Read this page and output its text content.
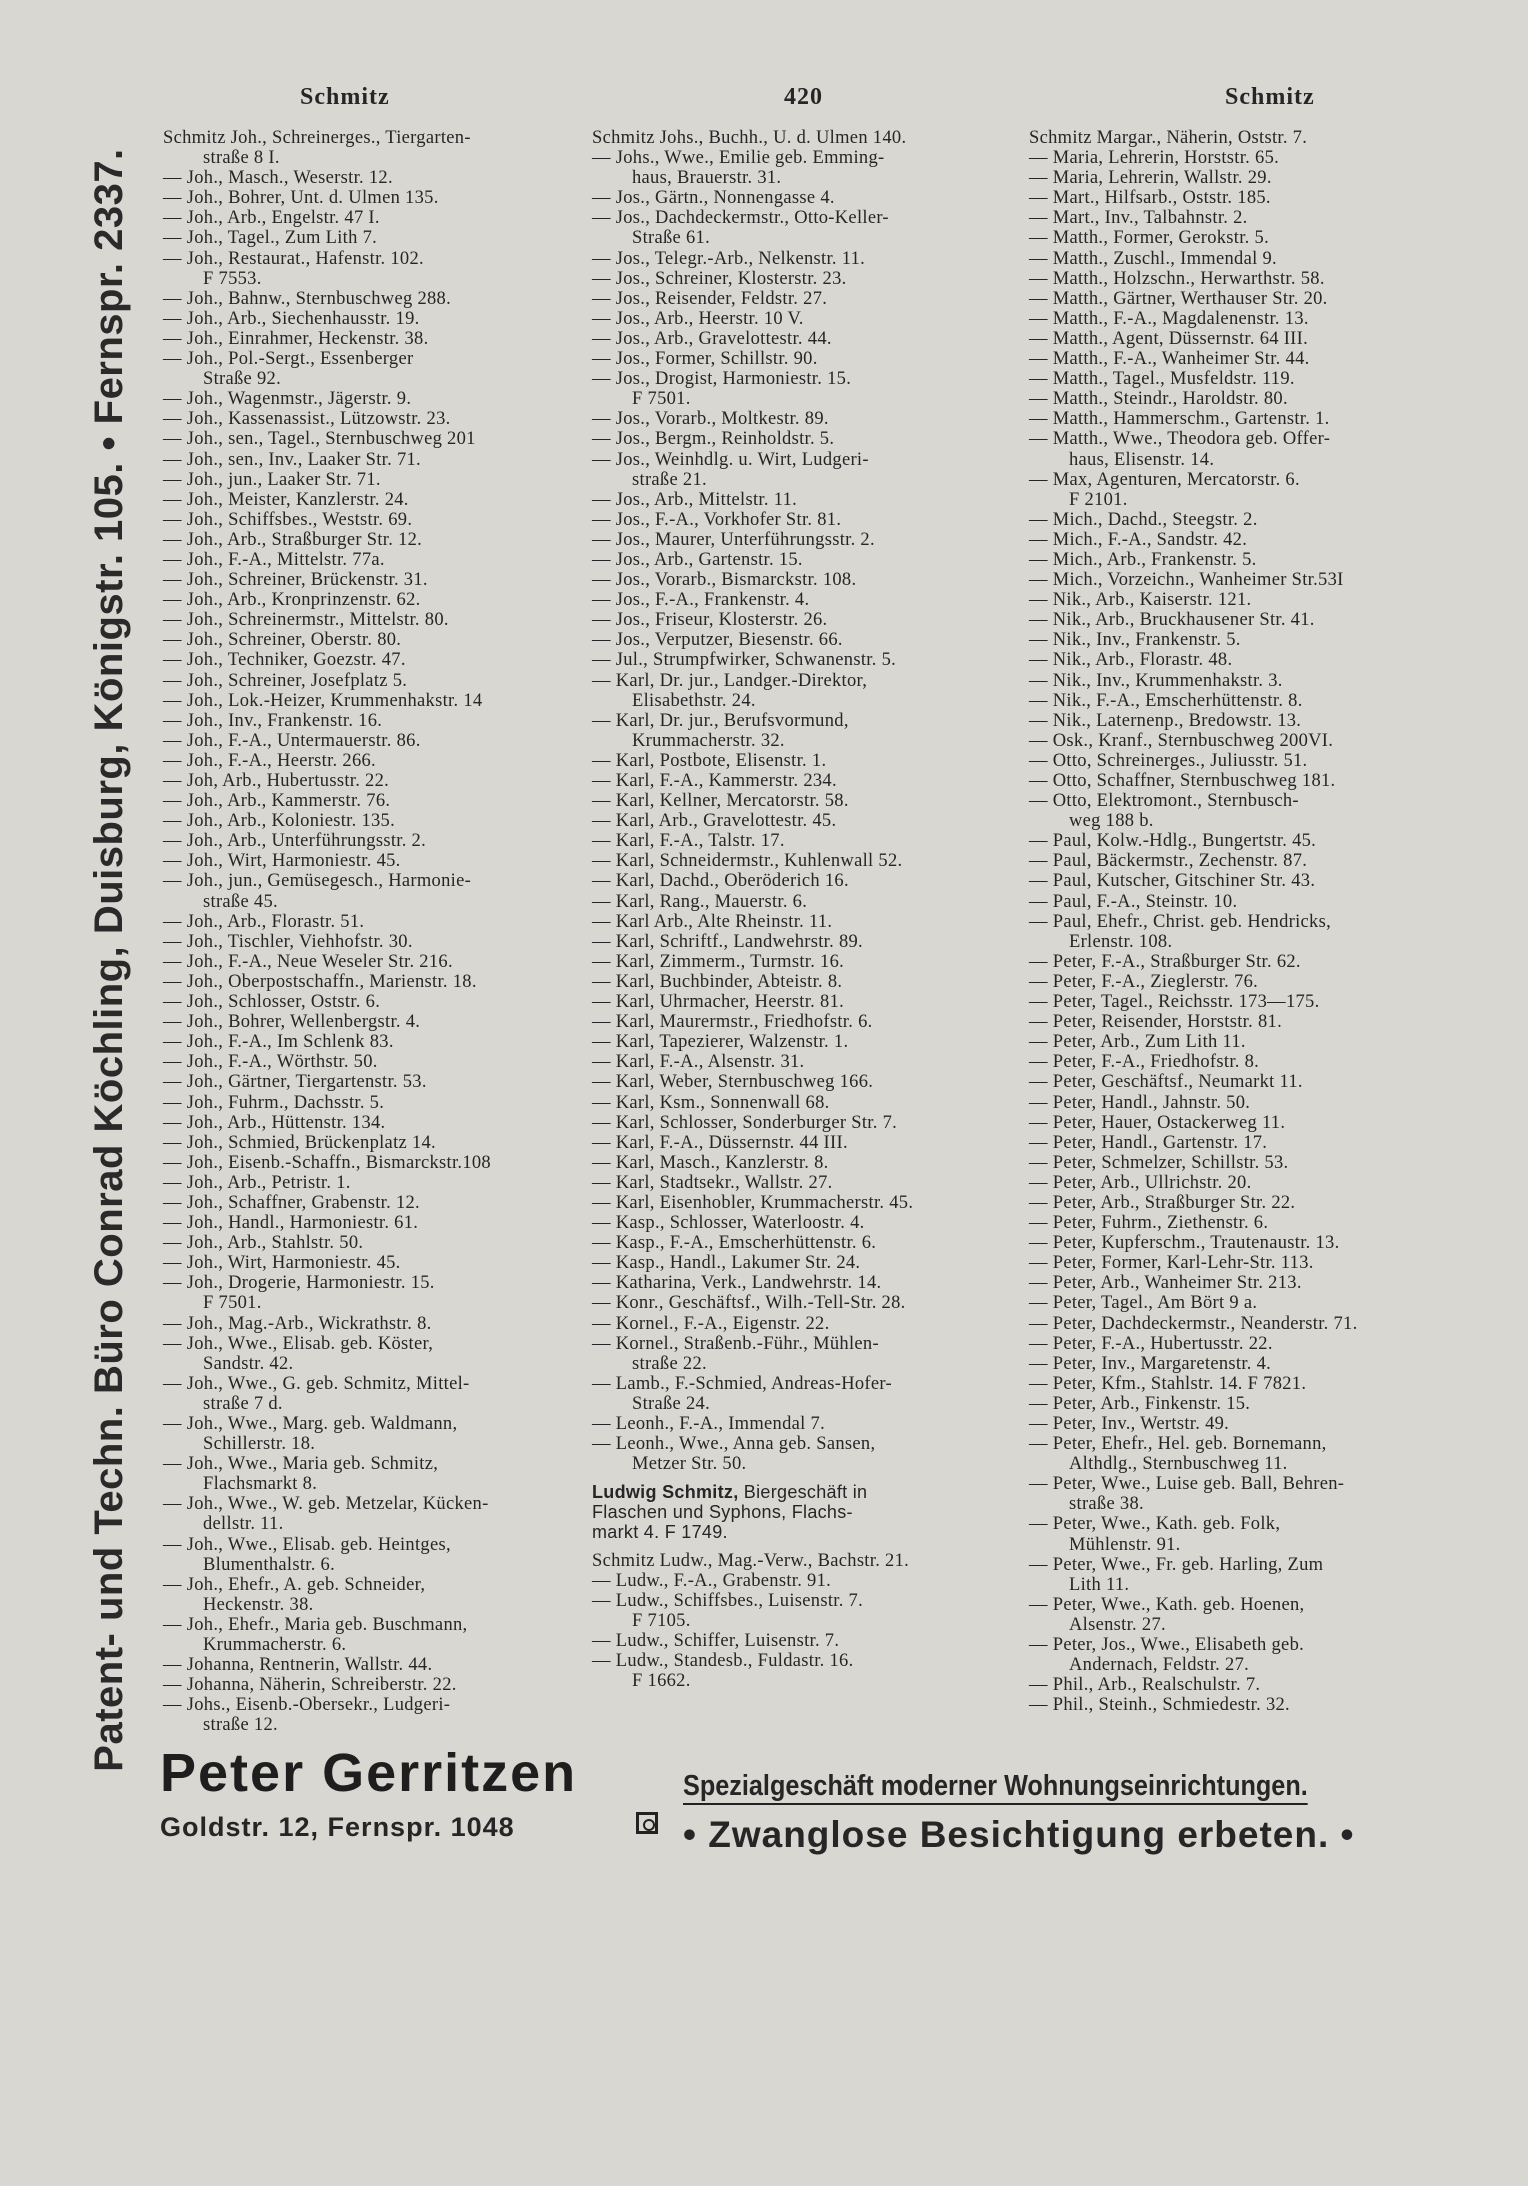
Schmitz	420	Schmitz
Patent- und Techn. Büro Conrad Köchling, Duisburg, Königstr. 105. • Fernspr. 2337.
Schmitz Joh., Schreinerges., Tiergarten-
straße 8 I.
— Joh., Masch., Weserstr. 12.
— Joh., Bohrer, Unt. d. Ulmen 135.
— Joh., Arb., Engelstr. 47 I.
— Joh., Tagel., Zum Lith 7.
— Joh., Restaurat., Hafenstr. 102.
F 7553.
— Joh., Bahnw., Sternbuschweg 288.
— Joh., Arb., Siechenhausstr. 19.
— Joh., Einrahmer, Heckenstr. 38.
— Joh., Pol.-Sergt., Essenberger
Straße 92.
— Joh., Wagenmstr., Jägerstr. 9.
— Joh., Kassenassist., Lützowstr. 23.
— Joh., sen., Tagel., Sternbuschweg 201
— Joh., sen., Inv., Laaker Str. 71.
— Joh., jun., Laaker Str. 71.
— Joh., Meister, Kanzlerstr. 24.
— Joh., Schiffsbes., Weststr. 69.
— Joh., Arb., Straßburger Str. 12.
— Joh., F.-A., Mittelstr. 77a.
— Joh., Schreiner, Brückenstr. 31.
— Joh., Arb., Kronprinzenstr. 62.
— Joh., Schreinermstr., Mittelstr. 80.
— Joh., Schreiner, Oberstr. 80.
— Joh., Techniker, Goezstr. 47.
— Joh., Schreiner, Josefplatz 5.
— Joh., Lok.-Heizer, Krummenhakstr. 14
— Joh., Inv., Frankenstr. 16.
— Joh., F.-A., Untermauerstr. 86.
— Joh., F.-A., Heerstr. 266.
— Joh, Arb., Hubertusstr. 22.
— Joh., Arb., Kammerstr. 76.
— Joh., Arb., Koloniestr. 135.
— Joh., Arb., Unterführungsstr. 2.
— Joh., Wirt, Harmoniestr. 45.
— Joh., jun., Gemüsegesch., Harmonie-
straße 45.
— Joh., Arb., Florastr. 51.
— Joh., Tischler, Viehhofstr. 30.
— Joh., F.-A., Neue Weseler Str. 216.
— Joh., Oberpostschaffn., Marienstr. 18.
— Joh., Schlosser, Oststr. 6.
— Joh., Bohrer, Wellenbergstr. 4.
— Joh., F.-A., Im Schlenk 83.
— Joh., F.-A., Wörthstr. 50.
— Joh., Gärtner, Tiergartenstr. 53.
— Joh., Fuhrm., Dachsstr. 5.
— Joh., Arb., Hüttenstr. 134.
— Joh., Schmied, Brückenplatz 14.
— Joh., Eisenb.-Schaffn., Bismarckstr.108
— Joh., Arb., Petristr. 1.
— Joh., Schaffner, Grabenstr. 12.
— Joh., Handl., Harmoniestr. 61.
— Joh., Arb., Stahlstr. 50.
— Joh., Wirt, Harmoniestr. 45.
— Joh., Drogerie, Harmoniestr. 15.
F 7501.
— Joh., Mag.-Arb., Wickrathstr. 8.
— Joh., Wwe., Elisab. geb. Köster,
Sandstr. 42.
— Joh., Wwe., G. geb. Schmitz, Mittel-
straße 7 d.
— Joh., Wwe., Marg. geb. Waldmann,
Schillerstr. 18.
— Joh., Wwe., Maria geb. Schmitz,
Flachsmarkt 8.
— Joh., Wwe., W. geb. Metzelar, Kücken-
dellstr. 11.
— Joh., Wwe., Elisab. geb. Heintges,
Blumenthalstr. 6.
— Joh., Ehefr., A. geb. Schneider,
Heckenstr. 38.
— Joh., Ehefr., Maria geb. Buschmann,
Krummacherstr. 6.
— Johanna, Rentnerin, Wallstr. 44.
— Johanna, Näherin, Schreiberstr. 22.
— Johs., Eisenb.-Obersekr., Ludgeri-
straße 12.
Schmitz Johs., Buchh., U. d. Ulmen 140.
— Johs., Wwe., Emilie geb. Emming-
haus, Brauerstr. 31.
— Jos., Gärtn., Nonnengasse 4.
— Jos., Dachdeckermstr., Otto-Keller-
Straße 61.
— Jos., Telegr.-Arb., Nelkenstr. 11.
— Jos., Schreiner, Klosterstr. 23.
— Jos., Reisender, Feldstr. 27.
— Jos., Arb., Heerstr. 10 V.
— Jos., Arb., Gravelottestr. 44.
— Jos., Former, Schillstr. 90.
— Jos., Drogist, Harmoniestr. 15.
F 7501.
— Jos., Vorarb., Moltkestr. 89.
— Jos., Bergm., Reinholdstr. 5.
— Jos., Weinhdlg. u. Wirt, Ludgeri-
straße 21.
— Jos., Arb., Mittelstr. 11.
— Jos., F.-A., Vorkhofer Str. 81.
— Jos., Maurer, Unterführungsstr. 2.
— Jos., Arb., Gartenstr. 15.
— Jos., Vorarb., Bismarckstr. 108.
— Jos., F.-A., Frankenstr. 4.
— Jos., Friseur, Klosterstr. 26.
— Jos., Verputzer, Biesenstr. 66.
— Jul., Strumpfwirker, Schwanenstr. 5.
— Karl, Dr. jur., Landger.-Direktor,
Elisabethstr. 24.
— Karl, Dr. jur., Berufsvormund,
Krummacherstr. 32.
— Karl, Postbote, Elisenstr. 1.
— Karl, F.-A., Kammerstr. 234.
— Karl, Kellner, Mercatorstr. 58.
— Karl, Arb., Gravelottestr. 45.
— Karl, F.-A., Talstr. 17.
— Karl, Schneidermstr., Kuhlenwall 52.
— Karl, Dachd., Oberöderich 16.
— Karl, Rang., Mauerstr. 6.
— Karl Arb., Alte Rheinstr. 11.
— Karl, Schriftf., Landwehrstr. 89.
— Karl, Zimmerm., Turmstr. 16.
— Karl, Buchbinder, Abteistr. 8.
— Karl, Uhrmacher, Heerstr. 81.
— Karl, Maurermstr., Friedhofstr. 6.
— Karl, Tapezierer, Walzenstr. 1.
— Karl, F.-A., Alsenstr. 31.
— Karl, Weber, Sternbuschweg 166.
— Karl, Ksm., Sonnenwall 68.
— Karl, Schlosser, Sonderburger Str. 7.
— Karl, F.-A., Düssernstr. 44 III.
— Karl, Masch., Kanzlerstr. 8.
— Karl, Stadtsekr., Wallstr. 27.
— Karl, Eisenhobler, Krummacherstr. 45.
— Kasp., Schlosser, Waterloostr. 4.
— Kasp., F.-A., Emscherhüttenstr. 6.
— Kasp., Handl., Lakumer Str. 24.
— Katharina, Verk., Landwehrstr. 14.
— Konr., Geschäftsf., Wilh.-Tell-Str. 28.
— Kornel., F.-A., Eigenstr. 22.
— Kornel., Straßenb.-Führ., Mühlen-
straße 22.
— Lamb., F.-Schmied, Andreas-Hofer-
Straße 24.
— Leonh., F.-A., Immendal 7.
— Leonh., Wwe., Anna geb. Sansen,
Metzer Str. 50.
Ludwig Schmitz, Biergeschäft in
Flaschen und Syphons, Flachs-
markt 4. F 1749.
Schmitz Ludw., Mag.-Verw., Bachstr. 21.
— Ludw., F.-A., Grabenstr. 91.
— Ludw., Schiffsbes., Luisenstr. 7.
F 7105.
— Ludw., Schiffer, Luisenstr. 7.
— Ludw., Standesb., Fuldastr. 16.
F 1662.
Schmitz Margar., Näherin, Oststr. 7.
— Maria, Lehrerin, Horststr. 65.
— Maria, Lehrerin, Wallstr. 29.
— Mart., Hilfsarb., Oststr. 185.
— Mart., Inv., Talbahnstr. 2.
— Matth., Former, Gerokstr. 5.
— Matth., Zuschl., Immendal 9.
— Matth., Holzschn., Herwarthstr. 58.
— Matth., Gärtner, Werthauser Str. 20.
— Matth., F.-A., Magdalenenstr. 13.
— Matth., Agent, Düssernstr. 64 III.
— Matth., F.-A., Wanheimer Str. 44.
— Matth., Tagel., Musfeldstr. 119.
— Matth., Steindr., Haroldstr. 80.
— Matth., Hammerschm., Gartenstr. 1.
— Matth., Wwe., Theodora geb. Offer-
haus, Elisenstr. 14.
— Max, Agenturen, Mercatorstr. 6.
F 2101.
— Mich., Dachd., Steegstr. 2.
— Mich., F.-A., Sandstr. 42.
— Mich., Arb., Frankenstr. 5.
— Mich., Vorzeichn., Wanheimer Str.53I
— Nik., Arb., Kaiserstr. 121.
— Nik., Arb., Bruckhausener Str. 41.
— Nik., Inv., Frankenstr. 5.
— Nik., Arb., Florastr. 48.
— Nik., Inv., Krummenhakstr. 3.
— Nik., F.-A., Emscherhüttenstr. 8.
— Nik., Laternenp., Bredowstr. 13.
— Osk., Kranf., Sternbuschweg 200VI.
— Otto, Schreinerges., Juliusstr. 51.
— Otto, Schaffner, Sternbuschweg 181.
— Otto, Elektromont., Sternbusch-
weg 188 b.
— Paul, Kolw.-Hdlg., Bungertstr. 45.
— Paul, Bäckermstr., Zechenstr. 87.
— Paul, Kutscher, Gitschiner Str. 43.
— Paul, F.-A., Steinstr. 10.
— Paul, Ehefr., Christ. geb. Hendricks,
Erlenstr. 108.
— Peter, F.-A., Straßburger Str. 62.
— Peter, F.-A., Zieglerstr. 76.
— Peter, Tagel., Reichsstr. 173—175.
— Peter, Reisender, Horststr. 81.
— Peter, Arb., Zum Lith 11.
— Peter, F.-A., Friedhofstr. 8.
— Peter, Geschäftsf., Neumarkt 11.
— Peter, Handl., Jahnstr. 50.
— Peter, Hauer, Ostackerweg 11.
— Peter, Handl., Gartenstr. 17.
— Peter, Schmelzer, Schillstr. 53.
— Peter, Arb., Ullrichstr. 20.
— Peter, Arb., Straßburger Str. 22.
— Peter, Fuhrm., Ziethenstr. 6.
— Peter, Kupferschm., Trautenaustr. 13.
— Peter, Former, Karl-Lehr-Str. 113.
— Peter, Arb., Wanheimer Str. 213.
— Peter, Tagel., Am Bört 9 a.
— Peter, Dachdeckermstr., Neanderstr. 71.
— Peter, F.-A., Hubertusstr. 22.
— Peter, Inv., Margaretenstr. 4.
— Peter, Kfm., Stahlstr. 14. F 7821.
— Peter, Arb., Finkenstr. 15.
— Peter, Inv., Wertstr. 49.
— Peter, Ehefr., Hel. geb. Bornemann,
Althdlg., Sternbuschweg 11.
— Peter, Wwe., Luise geb. Ball, Behren-
straße 38.
— Peter, Wwe., Kath. geb. Folk,
Mühlenstr. 91.
— Peter, Wwe., Fr. geb. Harling, Zum
Lith 11.
— Peter, Wwe., Kath. geb. Hoenen,
Alsenstr. 27.
— Peter, Jos., Wwe., Elisabeth geb.
Andernach, Feldstr. 27.
— Phil., Arb., Realschulstr. 7.
— Phil., Steinh., Schmiedestr. 32.
Peter Gerritzen
Goldstr. 12, Fernspr. 1048
Spezialgeschäft moderner Wohnungseinrichtungen.
• Zwanglose Besichtigung erbeten. •
